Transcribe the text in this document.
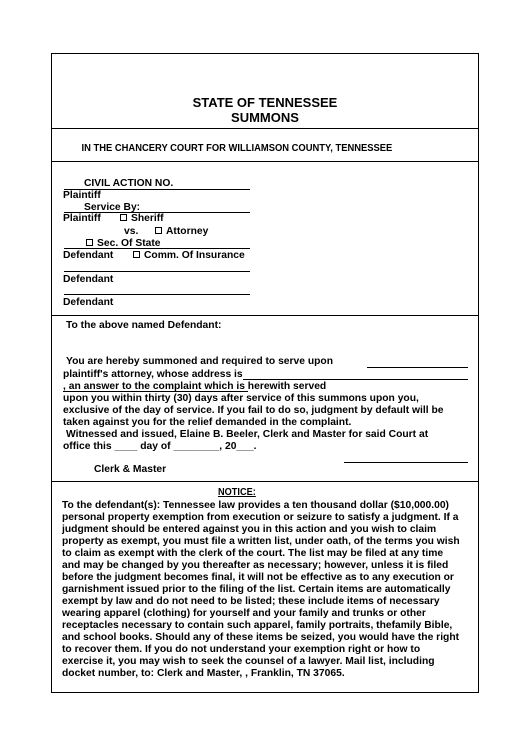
STATE OF TENNESSEE
SUMMONS
IN THE CHANCERY COURT FOR WILLIAMSON COUNTY, TENNESSEE
CIVIL ACTION NO.
Plaintiff
Service By:
Plaintiff	Sheriff
vs.	Attorney
Sec. Of State
Defendant	Comm. Of Insurance
Defendant
Defendant
To the above named Defendant:
You are hereby summoned and required to serve upon
plaintiff's attorney, whose address is
, an answer to the complaint which is herewith served
upon you within thirty (30) days after service of this summons upon you,
exclusive of the day of service. If you fail to do so, judgment by default will be
taken against you for the relief demanded in the complaint.
Witnessed and issued, Elaine B. Beeler, Clerk and Master for said Court at
office this ____ day of ________, 20___.
Clerk & Master
NOTICE:
To the defendant(s): Tennessee law provides a ten thousand dollar ($10,000.00)
personal property exemption from execution or seizure to satisfy a judgment. If a
judgment should be entered against you in this action and you wish to claim
property as exempt, you must file a written list, under oath, of the terms you wish
to claim as exempt with the clerk of the court. The list may be filed at any time
and may be changed by you thereafter as necessary; however, unless it is filed
before the judgment becomes final, it will not be effective as to any execution or
garnishment issued prior to the filing of the list. Certain items are automatically
exempt by law and do not need to be listed; these include items of necessary
wearing apparel (clothing) for yourself and your family and trunks or other
receptacles necessary to contain such apparel, family portraits, thefamily Bible,
and school books. Should any of these items be seized, you would have the right
to recover them. If you do not understand your exemption right or how to
exercise it, you may wish to seek the counsel of a lawyer. Mail list, including
docket number, to: Clerk and Master, , Franklin, TN 37065.
